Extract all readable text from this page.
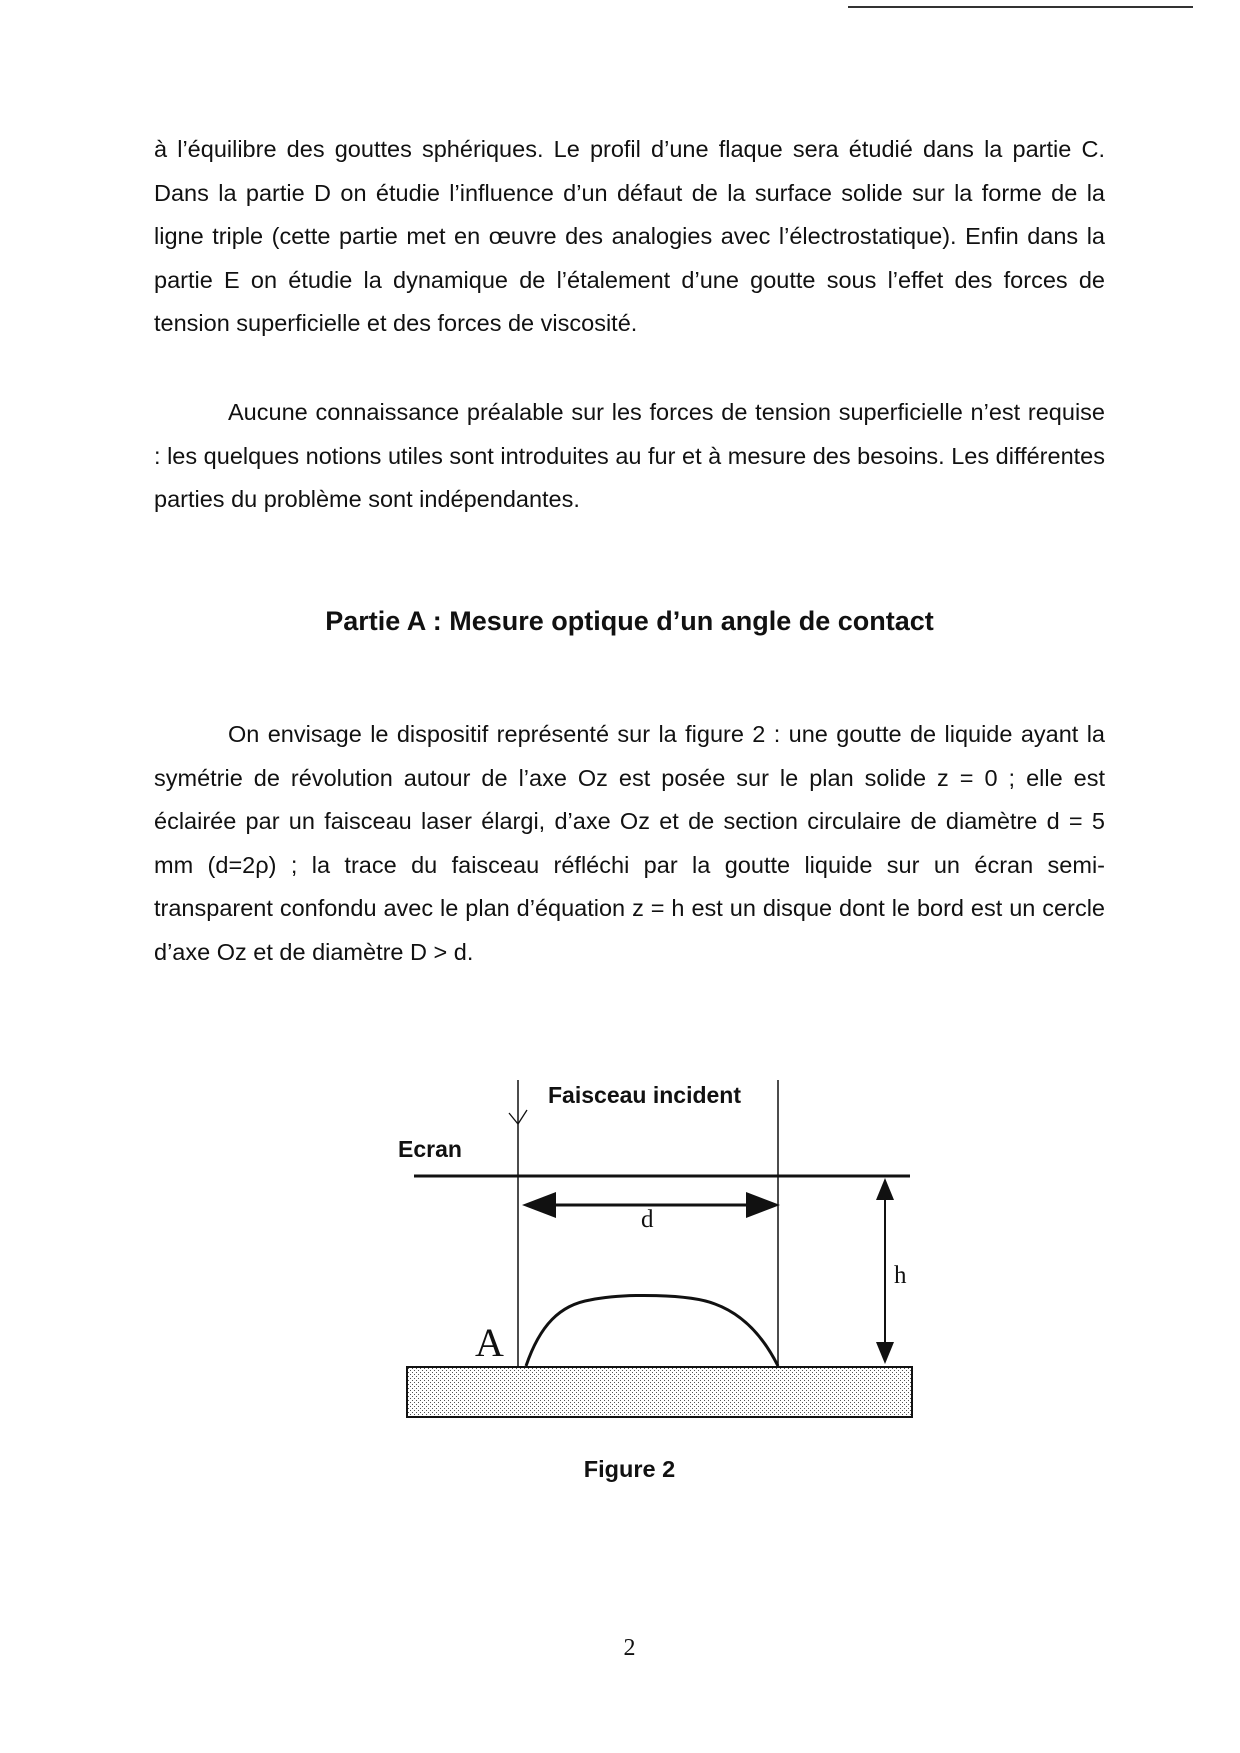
à l’équilibre des gouttes sphériques. Le profil d’une flaque sera étudié dans la partie C. Dans la partie D on étudie l’influence d’un défaut de la surface solide sur la forme de la ligne triple (cette partie met en œuvre des analogies avec l’électrostatique). Enfin dans la partie E on étudie la dynamique de l’étalement d’une goutte sous l’effet des forces de tension superficielle et des forces de viscosité.

Aucune connaissance préalable sur les forces de tension superficielle n’est requise : les quelques notions utiles sont introduites au fur et à mesure des besoins. Les différentes parties du problème sont indépendantes.

Partie A : Mesure optique d’un angle de contact

On envisage le dispositif représenté sur la figure 2 : une goutte de liquide ayant la symétrie de révolution autour de l’axe Oz est posée sur le plan solide z = 0 ; elle est éclairée par un faisceau laser élargi, d’axe Oz et de section circulaire de diamètre d = 5 mm (d=2ρ) ; la trace du faisceau réfléchi par la goutte liquide sur un écran semi-transparent confondu avec le plan d’équation z = h est un disque dont le bord est un cercle d’axe Oz et de diamètre D > d.

Faisceau incident
Ecran
d
h
A
Figure 2
2
